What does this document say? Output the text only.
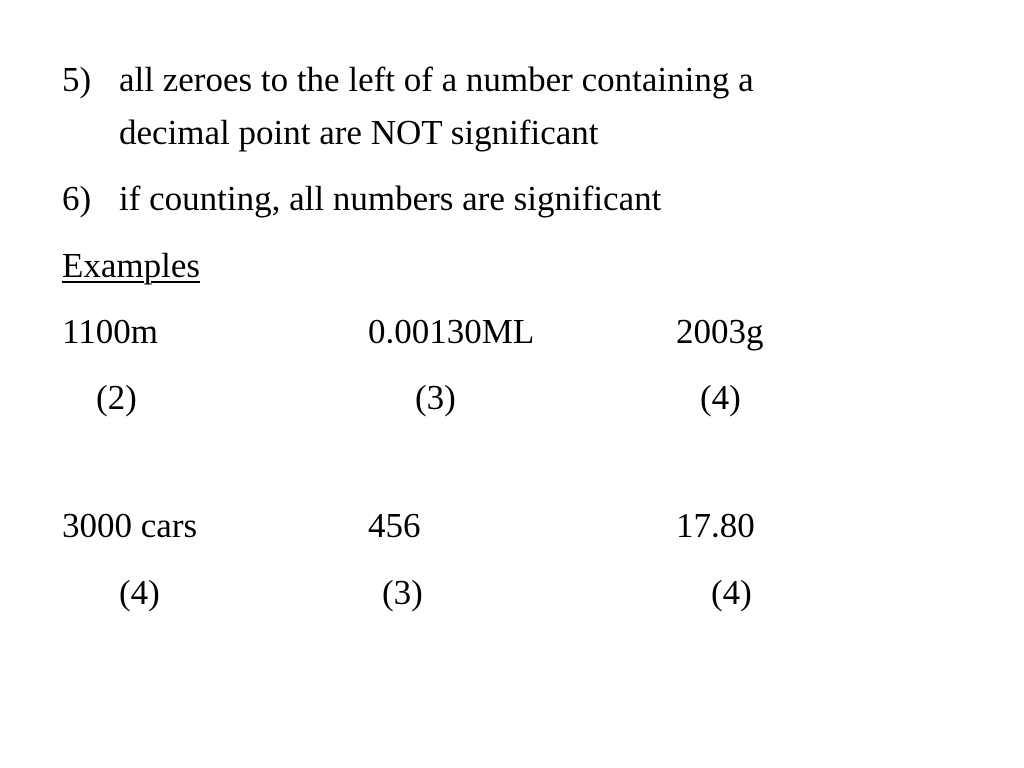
5) all zeroes to the left of a number containing a
decimal point are NOT significant
6) if counting, all numbers are significant
Examples
1100m	0.00130ML	2003g
(2)	(3)	(4)
3000 cars	456	17.80
(4)	(3)	(4)
